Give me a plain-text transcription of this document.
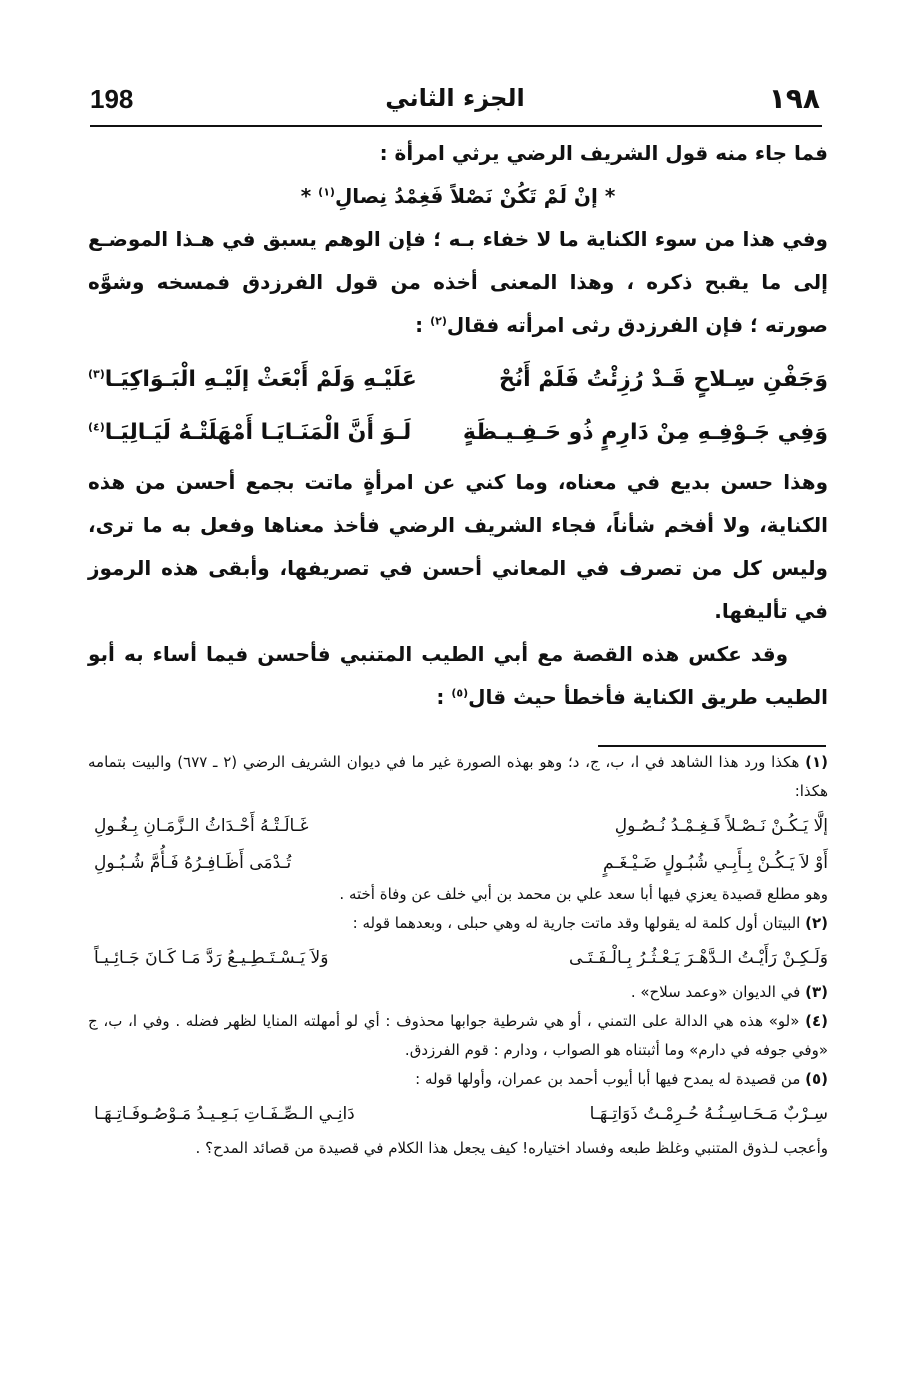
198	الجزء الثاني	١٩٨

فما جاء منه قول الشريف الرضي يرثي امرأة :

* إنْ لَمْ تَكُنْ نَصْلاً فَغِمْدُ نِصالِ$^{(١)}$ *

وفي هذا من سوء الكناية ما لا خفاء بـه ؛ فإن الوهم يسبق في هـذا الموضـع إلى ما يقبح ذكره ، وهذا المعنى أخذه من قول الفرزدق فمسخه وشوَّه صورته ؛ فإن الفرزدق رثى امرأته فقال$^{(٢)}$ :

وَجَفْنِ سِـلاحٍ قَـدْ رُزِئْتُ فَلَمْ أَنُحْ
عَلَيْـهِ وَلَمْ أَبْعَثْ إلَيْـهِ الْبَـوَاكِيَـا$^{(٣)}$
وَفِي جَـوْفِـهِ مِنْ دَارِمٍ ذُو حَـفِـيـظَةٍ
لَـوَ أَنَّ الْمَنَـايَـا أَمْهَلَتْـهُ لَيَـالِيَـا$^{(٤)}$

وهذا حسن بديع في معناه، وما كني عن امرأةٍ ماتت بجمع أحسن من هذه الكناية، ولا أفخم شأناً، فجاء الشريف الرضي فأخذ معناها وفعل به ما ترى، وليس كل من تصرف في المعاني أحسن في تصريفها، وأبقى هذه الرموز في تأليفها.

وقد عكس هذه القصة مع أبي الطيب المتنبي فأحسن فيما أساء به أبو الطيب طريق الكناية فأخطأ حيث قال$^{(٥)}$ :

(١) هكذا ورد هذا الشاهد في ا، ب، ج، د؛ وهو بهذه الصورة غير ما في ديوان الشريف الرضي (٢ ـ ٦٧٧) والبيت بتمامه هكذا:

إلَّا يَـكُـنْ نَـصْـلاً فَـغِـمْـدُ نُـصُـولِ
غَـالَـتْـهُ أَحْـدَاثُ الـزَّمَـانِ بِـغُـولِ
أَوْ لاَ يَـكُـنْ بِـأَبِـي شُبُـولٍ ضَـيْـغَـمٍ
تُـدْمَى أَظَـافِـرُهُ فَـأُمَّ شُـبُـولِ

وهو مطلع قصيدة يعزي فيها أبا سعد علي بن محمد بن أبي خلف عن وفاة أخته .

(٢) البيتان أول كلمة له يقولها وقد ماتت جارية له وهي حبلى ، وبعدهما قوله :

وَلَـكِـنْ رَأَيْـتُ الـدَّهْـرَ يَـعْـثُـرُ بِـالْـفَـتَـى
وَلاَ يَـسْـتَـطِـيـعُ رَدَّ مَـا كَـانَ جَـائِـيـاً

(٣) في الديوان «وعمد سلاح» .

(٤) «لو» هذه هي الدالة على التمني ، أو هي شرطية جوابها محذوف : أي لو أمهلته المنايا لظهر فضله . وفي ا، ب، ج «وفي جوفه في دارم» وما أثبتناه هو الصواب ، ودارم : قوم الفرزدق.

(٥) من قصيدة له يمدح فيها أبا أيوب أحمد بن عمران، وأولها قوله :

سِـرْبٌ مَـحَـاسِـنُـهُ حُـرِمْـتُ ذَوَاتِـهَـا
دَانِـي الـصِّـفَـاتِ بَـعِـيـدُ مَـوْصُـوفَـاتِـهَـا

وأعجب لـذوق المتنبي وغلظ طبعه وفساد اختياره! كيف يجعل هذا الكلام في قصيدة من قصائد المدح؟ .
